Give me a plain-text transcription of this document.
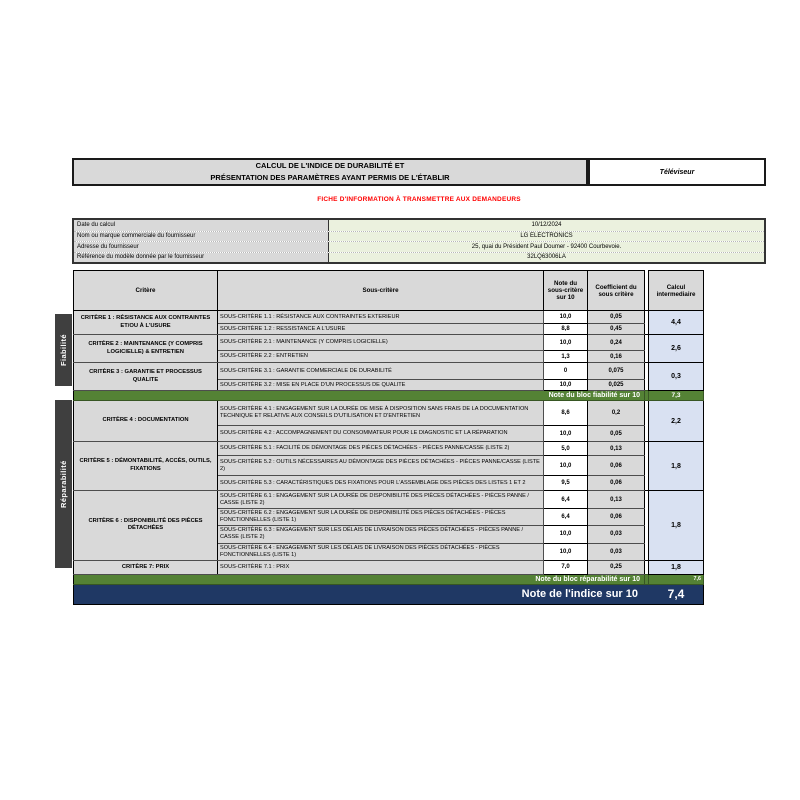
CALCUL DE L'INDICE DE DURABILITÉ ET
PRÉSENTATION DES PARAMÈTRES AYANT PERMIS DE L'ÉTABLIR
Téléviseur
FICHE D'INFORMATION À TRANSMETTRE AUX DEMANDEURS
Date du calcul	10/12/2024
Nom ou marque commerciale du fournisseur	LG ELECTRONICS
Adresse du fournisseur	25, quai du Président Paul Doumer - 92400 Courbevoie.
Référence du modèle donnée par le fournisseur	32LQ63006LA
Fiabilité
Réparabilité
Critère	Sous-critère	Note du sous-critère sur 10	Coefficient du sous critère		Calcul intermediaire
CRITÈRE 1 : RÉSISTANCE AUX CONTRAINTES ET/OU À L'USURE	SOUS-CRITÈRE 1.1 : RÉSISTANCE AUX CONTRAINTES EXTERIEUR	10,0	0,05		4,4
	SOUS-CRITÈRE 1.2 : RESSISTANCE A L'USURE	8,8	0,45		
CRITÈRE 2 : MAINTENANCE (Y COMPRIS LOGICIELLE) & ENTRETIEN	SOUS-CRITÈRE 2.1 : MAINTENANCE (Y COMPRIS LOGICIELLE)	10,0	0,24		2,6
	SOUS-CRITÈRE 2.2 : ENTRETIEN	1,3	0,16		
CRITÈRE 3 : GARANTIE ET PROCESSUS QUALITE	SOUS-CRITÈRE 3.1 : GARANTIE COMMERCIALE DE DURABILITÉ	0	0,075		0,3
	SOUS-CRITÈRE 3.2 : MISE EN PLACE D'UN PROCESSUS DE QUALITE	10,0	0,025		
Note du bloc fiabilité sur 10					7,3
CRITÈRE 4 : DOCUMENTATION	SOUS-CRITÈRE 4.1 : ENGAGEMENT SUR LA DURÉE DE MISE À DISPOSITION SANS FRAIS DE LA DOCUMENTATION TECHNIQUE ET RELATIVE AUX CONSEILS D'UTILISATION ET D'ENTRETIEN	8,6	0,2		2,2
	SOUS-CRITÈRE 4.2 : ACCOMPAGNEMENT DU CONSOMMATEUR POUR LE DIAGNOSTIC ET LA RÉPARATION	10,0	0,05		
CRITÈRE 5 : DÉMONTABILITÉ, ACCÈS, OUTILS, FIXATIONS	SOUS-CRITÈRE 5.1 : FACILITÉ DE DÉMONTAGE DES PIÈCES DÉTACHÉES - PIÈCES PANNE/CASSE (LISTE 2)	5,0	0,13		1,8
	SOUS-CRITÈRE 5.2 : OUTILS NÉCESSAIRES AU DÉMONTAGE DES PIÈCES DÉTACHÉES - PIÈCES PANNE/CASSE (LISTE 2)	10,0	0,06		
	SOUS-CRITÈRE 5.3 : CARACTÉRISTIQUES DES FIXATIONS POUR L'ASSEMBLAGE DES PIÈCES DES LISTES 1 ET 2	9,5	0,06		
CRITÈRE 6 : DISPONIBILITÉ DES PIÈCES DÉTACHÉES	SOUS-CRITÈRE 6.1 : ENGAGEMENT SUR LA DURÉE DE DISPONIBILITÉ DES PIÈCES DÉTACHÉES - PIÈCES PANNE / CASSE (LISTE 2)	6,4	0,13		1,8
	SOUS-CRITÈRE 6.2 : ENGAGEMENT SUR LA DURÉE DE DISPONIBILITÉ DES PIÈCES DÉTACHÉES - PIÈCES FONCTIONNELLES (LISTE 1)	6,4	0,06		
	SOUS-CRITÈRE 6.3 : ENGAGEMENT SUR LES DÉLAIS DE LIVRAISON DES PIÈCES DÉTACHÉES - PIÈCES PANNE / CASSE (LISTE 2)	10,0	0,03		
	SOUS-CRITÈRE 6.4 : ENGAGEMENT SUR LES DÉLAIS DE LIVRAISON DES PIÈCES DÉTACHÉES - PIÈCES FONCTIONNELLES (LISTE 1)	10,0	0,03		
CRITÈRE 7: PRIX	SOUS-CRITÈRE 7.1 : PRIX	7,0	0,25		1,8
Note du bloc réparabilité sur 10					7,6
Note de l'indice sur 10					7,4
